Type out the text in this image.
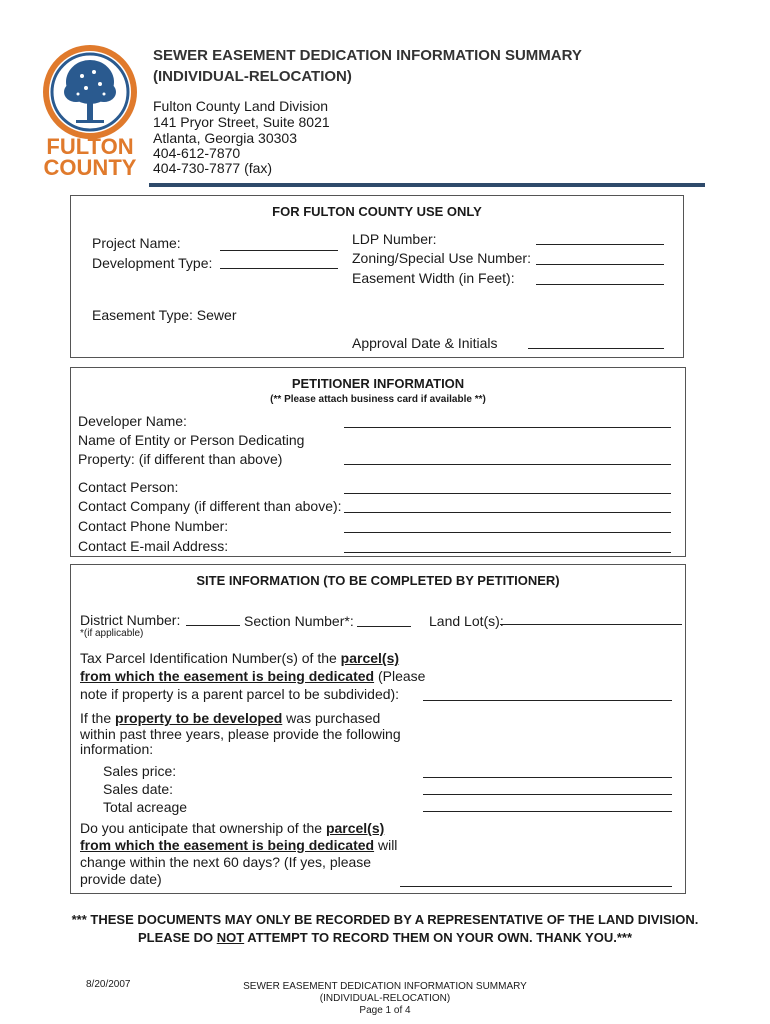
FULTON
COUNTY
SEWER EASEMENT DEDICATION INFORMATION SUMMARY
(INDIVIDUAL-RELOCATION)
Fulton County Land Division
141 Pryor Street, Suite 8021
Atlanta, Georgia 30303
404-612-7870
404-730-7877 (fax)
FOR FULTON COUNTY USE ONLY
Project Name:
Development Type:
LDP Number:
Zoning/Special Use Number:
Easement Width (in Feet):
Easement Type: Sewer
Approval Date & Initials
PETITIONER INFORMATION
(** Please attach business card if available **)
Developer Name:
Name of Entity or Person Dedicating
Property: (if different than above)
Contact Person:
Contact Company (if different than above):
Contact Phone Number:
Contact E-mail Address:
SITE INFORMATION (TO BE COMPLETED BY PETITIONER)
District Number:	Section Number*:	Land Lot(s):
*(if applicable)
Tax Parcel Identification Number(s) of the parcel(s)
from which the easement is being dedicated (Please
note if property is a parent parcel to be subdivided):
If the property to be developed was purchased
within past three years, please provide the following
information:
Sales price:
Sales date:
Total acreage
Do you anticipate that ownership of the parcel(s)
from which the easement is being dedicated will
change within the next 60 days? (If yes, please
provide date)
*** THESE DOCUMENTS MAY ONLY BE RECORDED BY A REPRESENTATIVE OF THE LAND DIVISION.
PLEASE DO NOT ATTEMPT TO RECORD THEM ON YOUR OWN. THANK YOU.***
8/20/2007	SEWER EASEMENT DEDICATION INFORMATION SUMMARY
(INDIVIDUAL-RELOCATION)
Page 1 of 4
